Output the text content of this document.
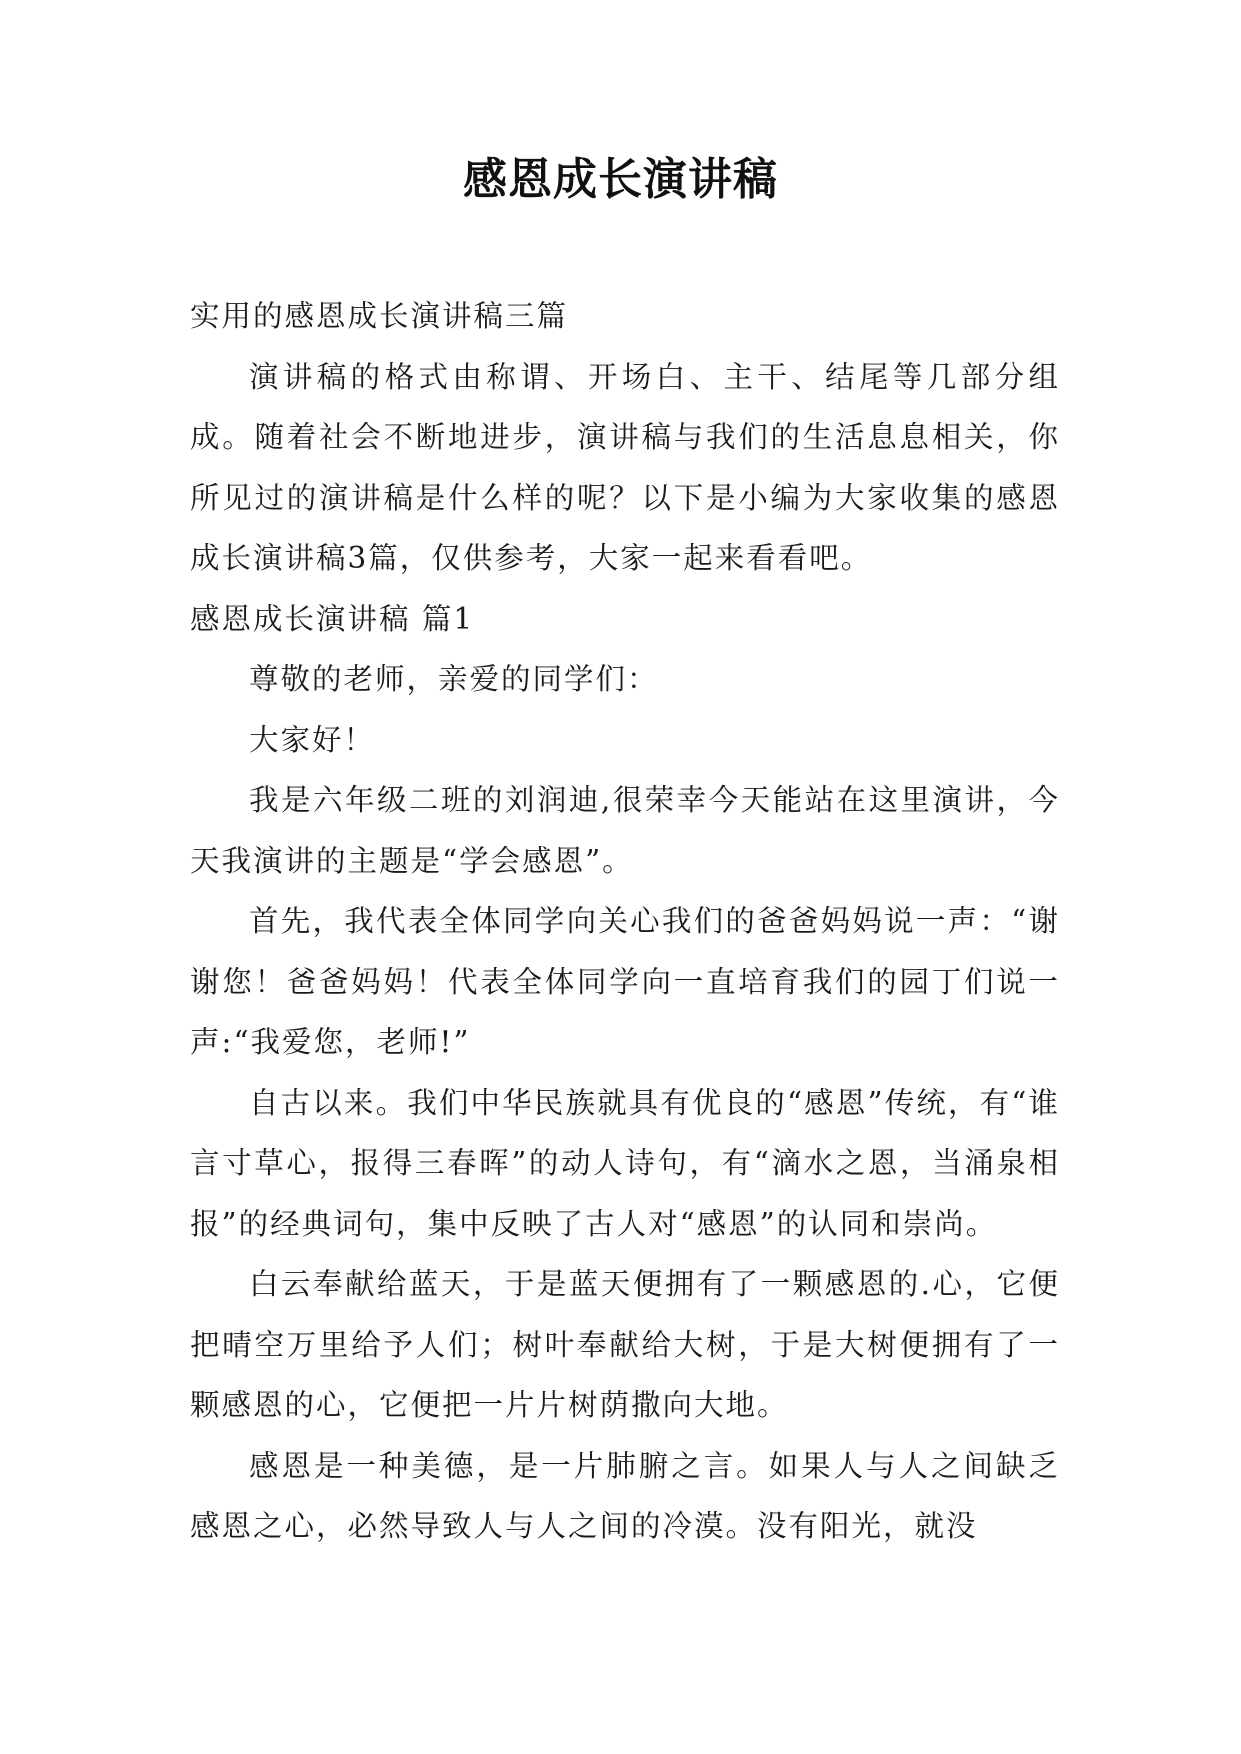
感恩成长演讲稿

实用的感恩成长演讲稿三篇

演讲稿的格式由称谓、开场白、主干、结尾等几部分组成。随着社会不断地进步，演讲稿与我们的生活息息相关，你所见过的演讲稿是什么样的呢？以下是小编为大家收集的感恩成长演讲稿3篇，仅供参考，大家一起来看看吧。

感恩成长演讲稿 篇1

尊敬的老师，亲爱的同学们：

大家好！

我是六年级二班的刘润迪,很荣幸今天能站在这里演讲，今天我演讲的主题是“学会感恩”。

首先，我代表全体同学向关心我们的爸爸妈妈说一声：“谢谢您！爸爸妈妈！代表全体同学向一直培育我们的园丁们说一声:“我爱您，老师!”

自古以来。我们中华民族就具有优良的“感恩”传统，有“谁言寸草心，报得三春晖”的动人诗句，有“滴水之恩，当涌泉相报”的经典词句，集中反映了古人对“感恩”的认同和崇尚。

白云奉献给蓝天，于是蓝天便拥有了一颗感恩的.心，它便把晴空万里给予人们；树叶奉献给大树，于是大树便拥有了一颗感恩的心，它便把一片片树荫撒向大地。

感恩是一种美德，是一片肺腑之言。如果人与人之间缺乏感恩之心，必然导致人与人之间的冷漠。没有阳光，就没
